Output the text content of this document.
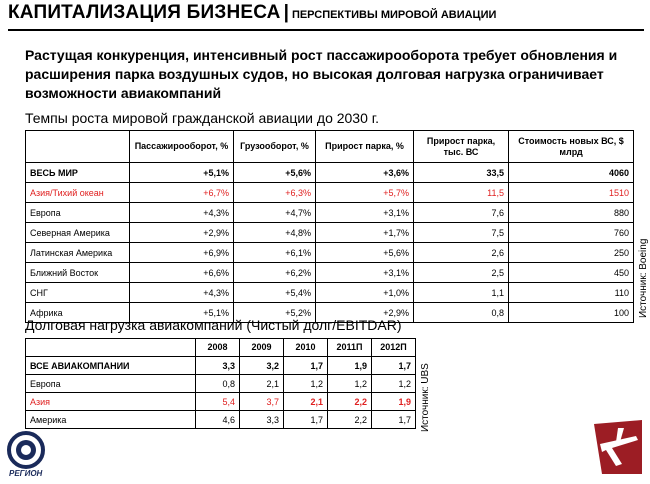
КАПИТАЛИЗАЦИЯ БИЗНЕСА | ПЕРСПЕКТИВЫ МИРОВОЙ АВИАЦИИ
Растущая конкуренция, интенсивный рост пассажирооборота требует обновления и расширения парка воздушных судов, но высокая долговая нагрузка ограничивает возможности авиакомпаний
Темпы роста мировой гражданской авиации до 2030 г.
	Пассажирооборот, %	Грузооборот, %	Прирост парка, %	Прирост парка, тыс. ВС	Стоимость новых ВС, $ млрд
ВЕСЬ МИР	+5,1%	+5,6%	+3,6%	33,5	4060
Азия/Тихий океан	+6,7%	+6,3%	+5,7%	11,5	1510
Европа	+4,3%	+4,7%	+3,1%	7,6	880
Северная Америка	+2,9%	+4,8%	+1,7%	7,5	760
Латинская Америка	+6,9%	+6,1%	+5,6%	2,6	250
Ближний Восток	+6,6%	+6,2%	+3,1%	2,5	450
СНГ	+4,3%	+5,4%	+1,0%	1,1	110
Африка	+5,1%	+5,2%	+2,9%	0,8	100 Источник: Boeing
Долговая нагрузка авиакомпаний (Чистый долг/EBITDAR)
	2008	2009	2010	2011П	2012П
ВСЕ АВИАКОМПАНИИ	3,3	3,2	1,7	1,9	1,7
Европа	0,8	2,1	1,2	1,2	1,2
Азия	5,4	3,7	2,1	2,2	1,9
Америка	4,6	3,3	1,7	2,2	1,7 Источник: UBS
РЕГИОН
